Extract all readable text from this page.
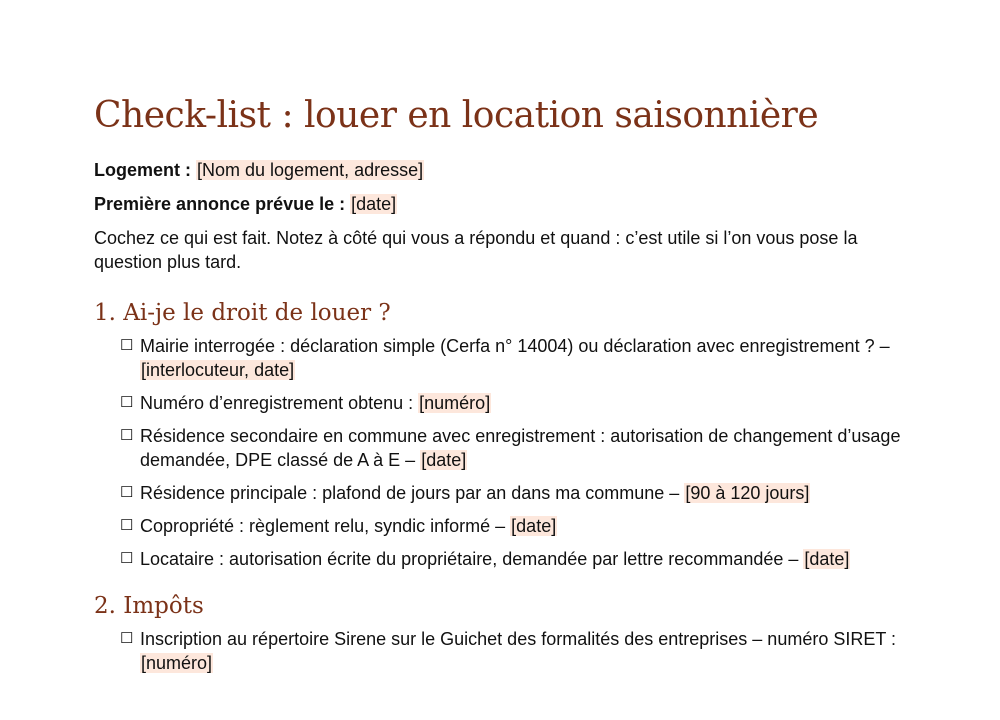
Check-list : louer en location saisonnière
Logement : [Nom du logement, adresse]
Première annonce prévue le : [date]

Cochez ce qui est fait. Notez à côté qui vous a répondu et quand : c’est utile si l’on vous pose la question plus tard.

1. Ai-je le droit de louer ?
☐ Mairie interrogée : déclaration simple (Cerfa n° 14004) ou déclaration avec enregistrement ? – [interlocuteur, date]
☐ Numéro d’enregistrement obtenu : [numéro]
☐ Résidence secondaire en commune avec enregistrement : autorisation de changement d’usage demandée, DPE classé de A à E – [date]
☐ Résidence principale : plafond de jours par an dans ma commune – [90 à 120 jours]
☐ Copropriété : règlement relu, syndic informé – [date]
☐ Locataire : autorisation écrite du propriétaire, demandée par lettre recommandée – [date]
2. Impôts
☐ Inscription au répertoire Sirene sur le Guichet des formalités des entreprises – numéro SIRET : [numéro]
